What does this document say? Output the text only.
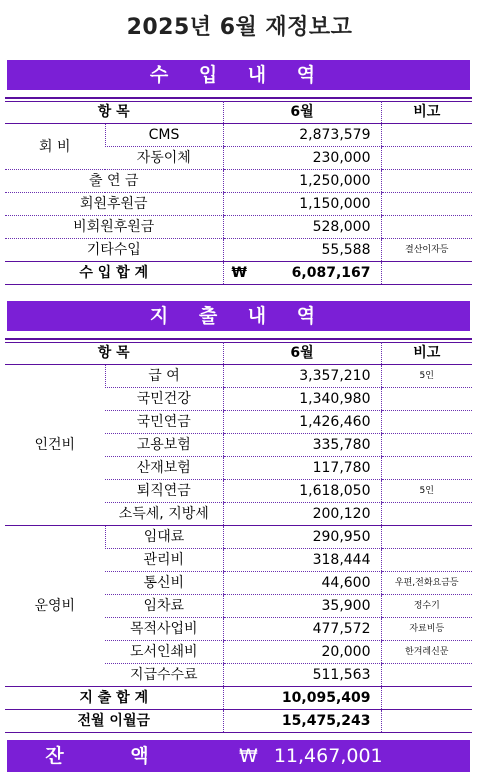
2025년 6월 재정보고
수 입 내 역
항 목		6월	비고
회 비	CMS	2,873,579	
	자동이체	230,000	
출 연 금		1,250,000	
회원후원금		1,150,000	
비회원후원금		528,000	
기타수입		55,588	결산이자등
수 입 합 계		₩ 6,087,167	

지 출 내 역
항 목		6월	비고
인건비	급 여	3,357,210	5인
	국민건강	1,340,980	
	국민연금	1,426,460	
	고용보험	335,780	
	산재보험	117,780	
	퇴직연금	1,618,050	5인
	소득세, 지방세	200,120	
운영비	임대료	290,950	
	관리비	318,444	
	통신비	44,600	우편,전화요금등
	임차료	35,900	정수기
	목적사업비	477,572	자료비등
	도서인쇄비	20,000	한겨레신문
	지급수수료	511,563	
지 출 합 계		10,095,409	
전월 이월금		15,475,243	
잔 액	₩ 11,467,001
